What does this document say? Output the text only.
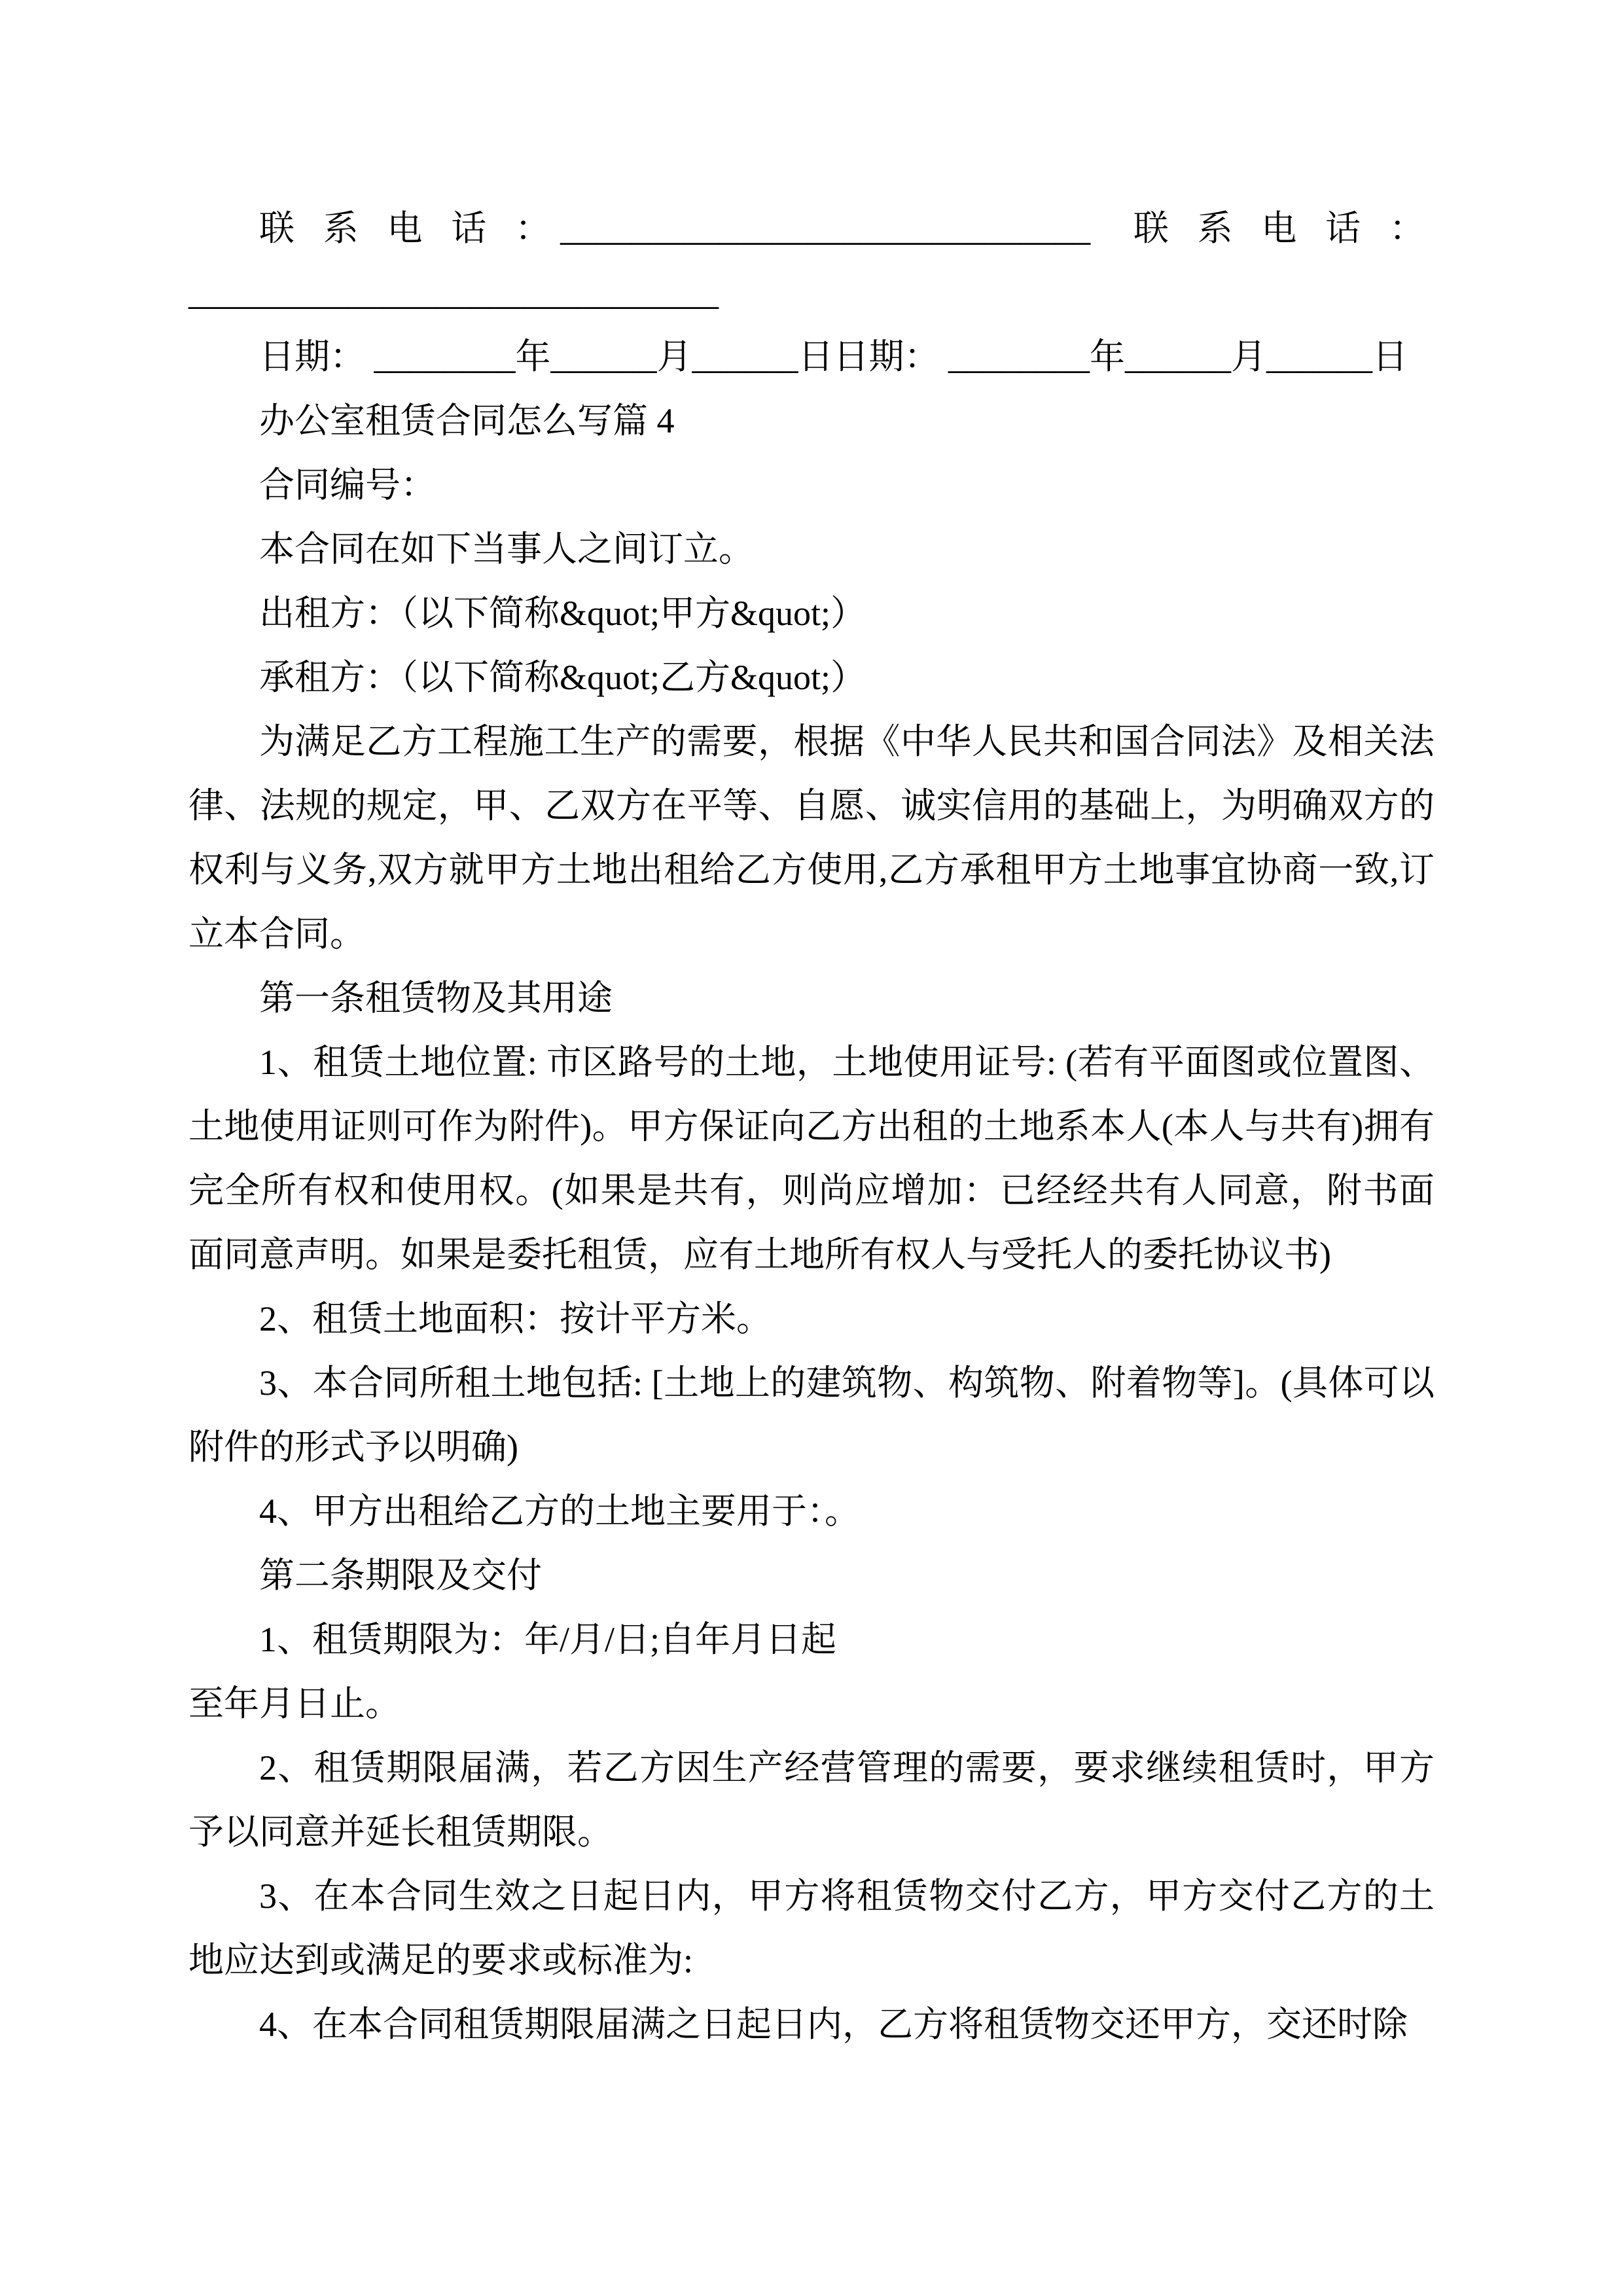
联 系 电 话 ：______________________________ 联 系 电 话 ：

______________________________

日期： ________年______月______日日期： ________年______月______日

办公室租赁合同怎么写篇 4

合同编号：

本合同在如下当事人之间订立。

出租方：（以下简称&quot;甲方&quot;）

承租方：（以下简称&quot;乙方&quot;）

为满足乙方工程施工生产的需要，根据《中华人民共和国合同法》及相关法律、法规的规定，甲、乙双方在平等、自愿、诚实信用的基础上，为明确双方的权利与义务,双方就甲方土地出租给乙方使用,乙方承租甲方土地事宜协商一致,订立本合同。

第一条租赁物及其用途

1、租赁土地位置: 市区路号的土地，土地使用证号: (若有平面图或位置图、土地使用证则可作为附件)。甲方保证向乙方出租的土地系本人(本人与共有)拥有完全所有权和使用权。(如果是共有，则尚应增加：已经经共有人同意，附书面面同意声明。如果是委托租赁，应有土地所有权人与受托人的委托协议书)

2、租赁土地面积：按计平方米。

3、本合同所租土地包括: [土地上的建筑物、构筑物、附着物等]。(具体可以附件的形式予以明确)

4、甲方出租给乙方的土地主要用于：。

第二条期限及交付

1、租赁期限为：年/月/日;自年月日起

至年月日止。

2、租赁期限届满，若乙方因生产经营管理的需要，要求继续租赁时，甲方予以同意并延长租赁期限。

3、在本合同生效之日起日内，甲方将租赁物交付乙方，甲方交付乙方的土地应达到或满足的要求或标准为:

4、在本合同租赁期限届满之日起日内，乙方将租赁物交还甲方，交还时除
